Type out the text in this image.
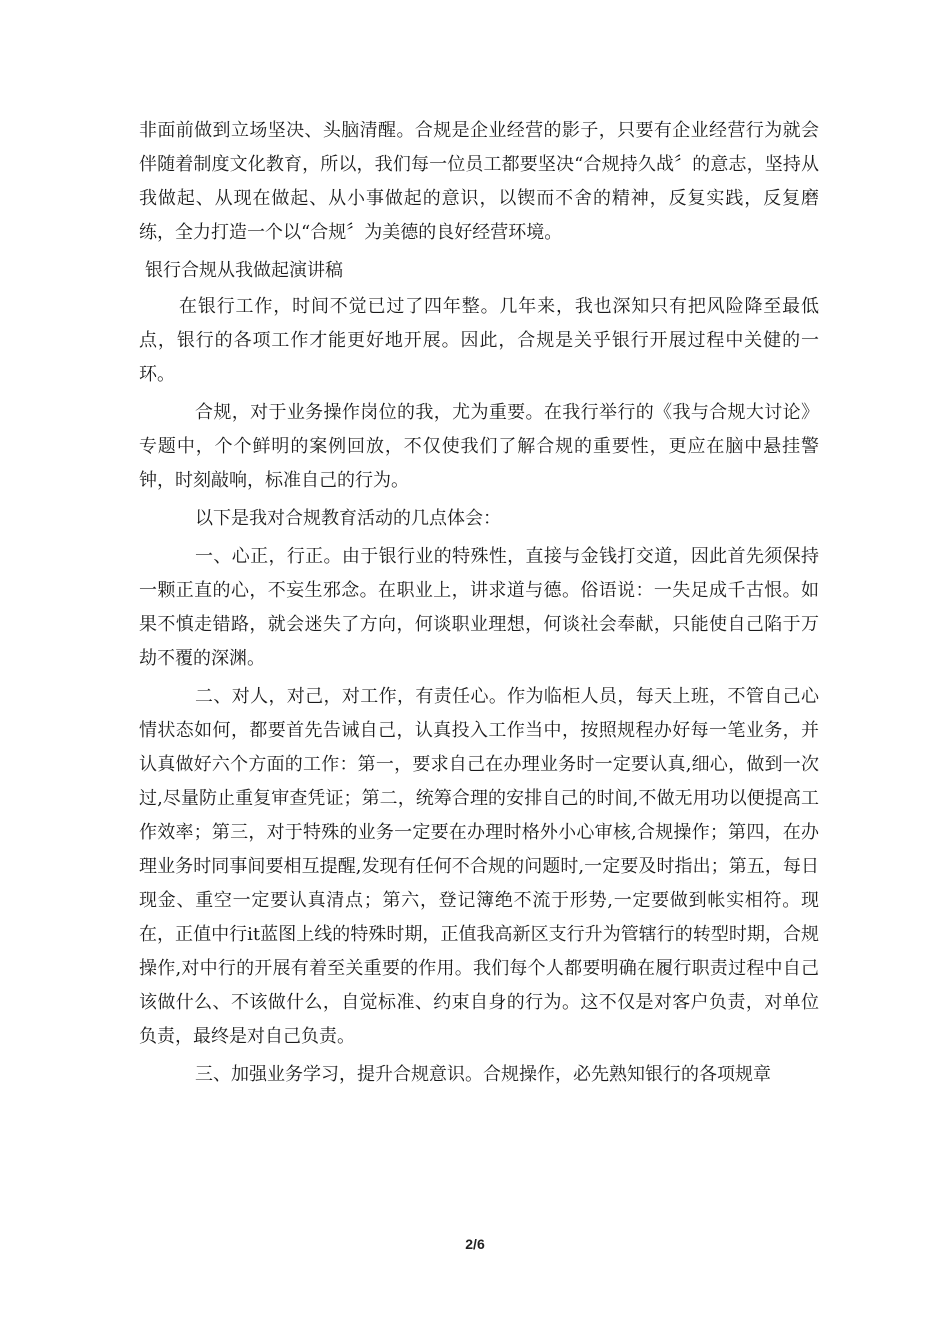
非面前做到立场坚决、头脑清醒。合规是企业经营的影子，只要有企业经营行为就会伴随着制度文化教育，所以，我们每一位员工都要坚决“合规持久战〞的意志，坚持从我做起、从现在做起、从小事做起的意识，以锲而不舍的精神，反复实践，反复磨练，全力打造一个以“合规〞为美德的良好经营环境。

银行合规从我做起演讲稿

在银行工作，时间不觉已过了四年整。几年来，我也深知只有把风险降至最低点，银行的各项工作才能更好地开展。因此，合规是关乎银行开展过程中关健的一环。

合规，对于业务操作岗位的我，尤为重要。在我行举行的《我与合规大讨论》专题中，个个鲜明的案例回放，不仅使我们了解合规的重要性，更应在脑中悬挂警钟，时刻敲响，标准自己的行为。

以下是我对合规教育活动的几点体会：

一、心正，行正。由于银行业的特殊性，直接与金钱打交道，因此首先须保持一颗正直的心，不妄生邪念。在职业上，讲求道与德。俗语说：一失足成千古恨。如果不慎走错路，就会迷失了方向，何谈职业理想，何谈社会奉献，只能使自己陷于万劫不覆的深渊。

二、对人，对己，对工作，有责任心。作为临柜人员，每天上班，不管自己心情状态如何，都要首先告诫自己，认真投入工作当中，按照规程办好每一笔业务，并认真做好六个方面的工作：第一，要求自己在办理业务时一定要认真,细心，做到一次过,尽量防止重复审查凭证；第二，统筹合理的安排自己的时间,不做无用功以便提高工作效率；第三，对于特殊的业务一定要在办理时格外小心审核,合规操作；第四，在办理业务时同事间要相互提醒,发现有任何不合规的问题时,一定要及时指出；第五，每日现金、重空一定要认真清点；第六，登记簿绝不流于形势,一定要做到帐实相符。现在，正值中行it蓝图上线的特殊时期，正值我高新区支行升为管辖行的转型时期，合规操作,对中行的开展有着至关重要的作用。我们每个人都要明确在履行职责过程中自己该做什么、不该做什么，自觉标准、约束自身的行为。这不仅是对客户负责，对单位负责，最终是对自己负责。

三、加强业务学习，提升合规意识。合规操作，必先熟知银行的各项规章

2/6
